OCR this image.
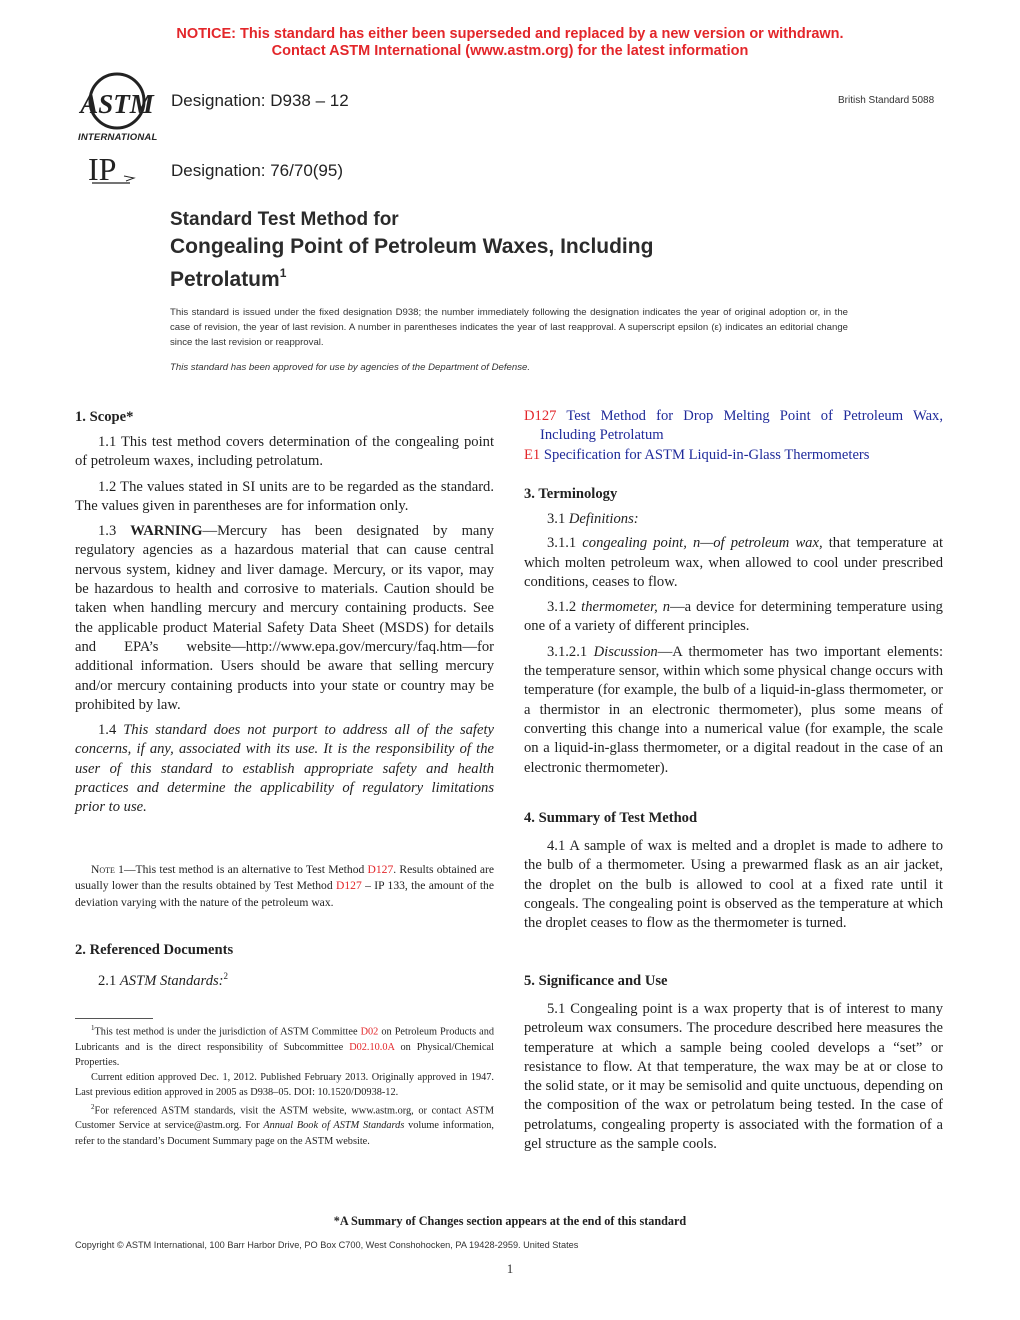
NOTICE: This standard has either been superseded and replaced by a new version or withdrawn.
Contact ASTM International (www.astm.org) for the latest information
ASTM
INTERNATIONAL
Designation: D938 – 12	British Standard 5088
IP	Designation: 76/70(95)
Standard Test Method for
Congealing Point of Petroleum Waxes, Including
Petrolatum$^1$
This standard is issued under the fixed designation D938; the number immediately following the designation indicates the year of original adoption or, in the case of revision, the year of last revision. A number in parentheses indicates the year of last reapproval. A superscript epsilon (ε) indicates an editorial change since the last revision or reapproval.
This standard has been approved for use by agencies of the Department of Defense.
1. Scope*

1.1 This test method covers determination of the congealing point of petroleum waxes, including petrolatum.

1.2 The values stated in SI units are to be regarded as the standard. The values given in parentheses are for information only.

1.3 WARNING—Mercury has been designated by many regulatory agencies as a hazardous material that can cause central nervous system, kidney and liver damage. Mercury, or its vapor, may be hazardous to health and corrosive to materials. Caution should be taken when handling mercury and mercury containing products. See the applicable product Material Safety Data Sheet (MSDS) for details and EPA’s website—http://www.epa.gov/mercury/faq.htm—for additional information. Users should be aware that selling mercury and/or mercury containing products into your state or country may be prohibited by law.

1.4 This standard does not purport to address all of the safety concerns, if any, associated with its use. It is the responsibility of the user of this standard to establish appropriate safety and health practices and determine the applicability of regulatory limitations prior to use.

Note 1—This test method is an alternative to Test Method D127. Results obtained are usually lower than the results obtained by Test Method D127 – IP 133, the amount of the deviation varying with the nature of the petroleum wax.
2. Referenced Documents

2.1 ASTM Standards:$^2$

$^1$This test method is under the jurisdiction of ASTM Committee D02 on Petroleum Products and Lubricants and is the direct responsibility of Subcommittee D02.10.0A on Physical/Chemical Properties.

Current edition approved Dec. 1, 2012. Published February 2013. Originally approved in 1947. Last previous edition approved in 2005 as D938–05. DOI: 10.1520/D0938-12.

$^2$For referenced ASTM standards, visit the ASTM website, www.astm.org, or contact ASTM Customer Service at service@astm.org. For Annual Book of ASTM Standards volume information, refer to the standard’s Document Summary page on the ASTM website.

D127 Test Method for Drop Melting Point of Petroleum Wax, Including Petrolatum
E1 Specification for ASTM Liquid-in-Glass Thermometers
3. Terminology

3.1 Definitions:

3.1.1 congealing point, n—of petroleum wax, that temperature at which molten petroleum wax, when allowed to cool under prescribed conditions, ceases to flow.

3.1.2 thermometer, n—a device for determining temperature using one of a variety of different principles.

3.1.2.1 Discussion—A thermometer has two important elements: the temperature sensor, within which some physical change occurs with temperature (for example, the bulb of a liquid-in-glass thermometer, or a thermistor in an electronic thermometer), plus some means of converting this change into a numerical value (for example, the scale on a liquid-in-glass thermometer, or a digital readout in the case of an electronic thermometer).

4. Summary of Test Method

4.1 A sample of wax is melted and a droplet is made to adhere to the bulb of a thermometer. Using a prewarmed flask as an air jacket, the droplet on the bulb is allowed to cool at a fixed rate until it congeals. The congealing point is observed as the temperature at which the droplet ceases to flow as the thermometer is turned.

5. Significance and Use

5.1 Congealing point is a wax property that is of interest to many petroleum wax consumers. The procedure described here measures the temperature at which a sample being cooled develops a “set” or resistance to flow. At that temperature, the wax may be at or close to the solid state, or it may be semisolid and quite unctuous, depending on the composition of the wax or petrolatum being tested. In the case of petrolatums, congealing property is associated with the formation of a gel structure as the sample cools.

*A Summary of Changes section appears at the end of this standard
Copyright © ASTM International, 100 Barr Harbor Drive, PO Box C700, West Conshohocken, PA 19428-2959. United States
1
